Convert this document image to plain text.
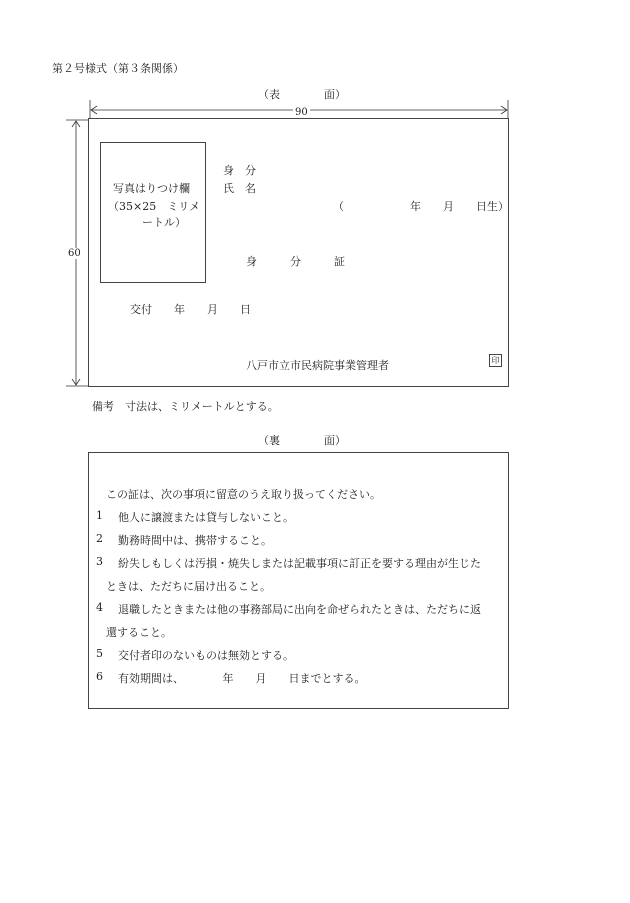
第２号様式（第３条関係）
（表　　　　面）
90
60
写真はりつけ欄
（35×25　ミリメ
ートル）
身　分
氏　名
（　　　　　　年　　月　　日生）
身　　　分　　　証
交付　　年　　月　　日
八戸市立市民病院事業管理者	印
備考　寸法は、ミリメートルとする。
（裏　　　　面）
この証は、次の事項に留意のうえ取り扱ってください。
1 他人に譲渡または貸与しないこと。
2 勤務時間中は、携帯すること。
3 紛失しもしくは汚損・焼失しまたは記載事項に訂正を要する理由が生じた
ときは、ただちに届け出ること。
4 退職したときまたは他の事務部局に出向を命ぜられたときは、ただちに返
還すること。
5 交付者印のないものは無効とする。
6 有効期間は、　　　　年　　月　　日までとする。
